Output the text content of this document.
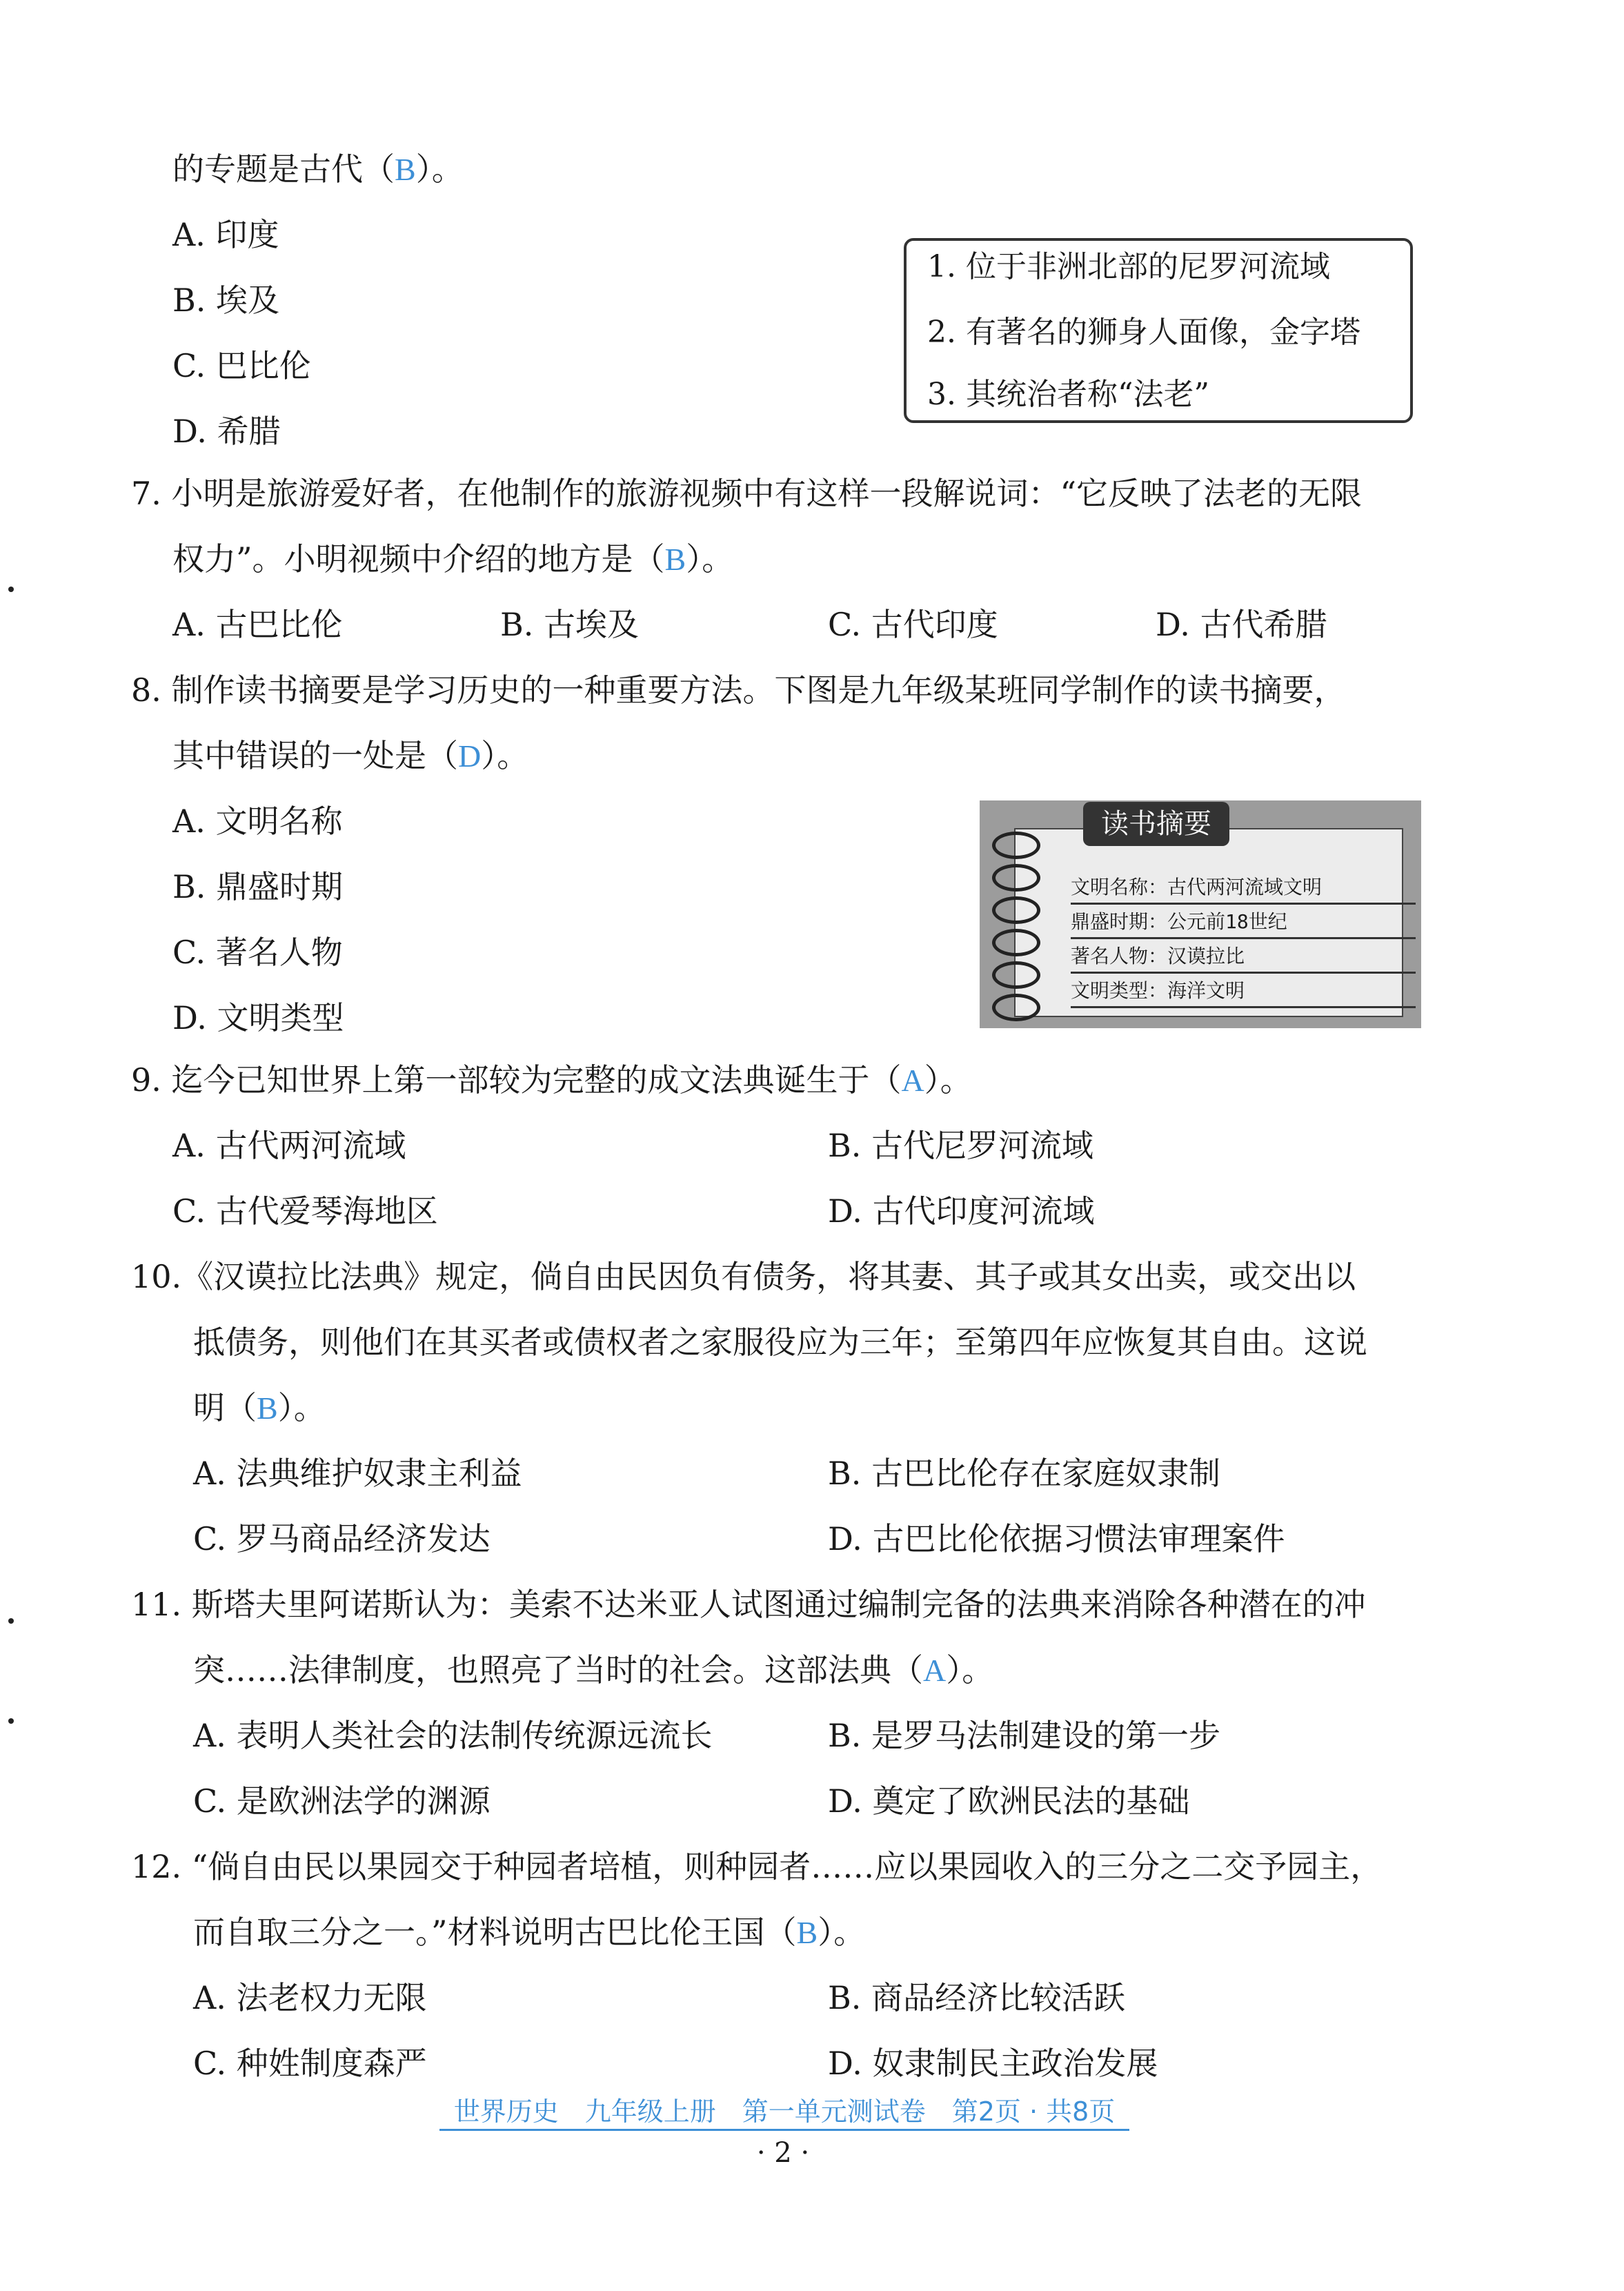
的专题是古代（B）。
A. 印度
B. 埃及
C. 巴比伦
D. 希腊
1. 位于非洲北部的尼罗河流域
2. 有著名的狮身人面像，金字塔
3. 其统治者称“法老”
7. 小明是旅游爱好者，在他制作的旅游视频中有这样一段解说词：“它反映了法老的无限
权力”。小明视频中介绍的地方是（B）。
A. 古巴比伦	B. 古埃及	C. 古代印度	D. 古代希腊
8. 制作读书摘要是学习历史的一种重要方法。下图是九年级某班同学制作的读书摘要，
其中错误的一处是（D）。
A. 文明名称
B. 鼎盛时期
C. 著名人物
D. 文明类型
文明名称：古代两河流域文明
鼎盛时期：公元前18世纪
著名人物：汉谟拉比
文明类型：海洋文明
读书摘要
9. 迄今已知世界上第一部较为完整的成文法典诞生于（A）。
A. 古代两河流域	B. 古代尼罗河流域
C. 古代爱琴海地区	D. 古代印度河流域
10.《汉谟拉比法典》规定，倘自由民因负有债务，将其妻、其子或其女出卖，或交出以
抵债务，则他们在其买者或债权者之家服役应为三年；至第四年应恢复其自由。这说
明（B）。
A. 法典维护奴隶主利益	B. 古巴比伦存在家庭奴隶制
C. 罗马商品经济发达	D. 古巴比伦依据习惯法审理案件
11. 斯塔夫里阿诺斯认为：美索不达米亚人试图通过编制完备的法典来消除各种潜在的冲
突……法律制度，也照亮了当时的社会。这部法典（A）。
A. 表明人类社会的法制传统源远流长	B. 是罗马法制建设的第一步
C. 是欧洲法学的渊源	D. 奠定了欧洲民法的基础
12. “倘自由民以果园交于种园者培植，则种园者……应以果园收入的三分之二交予园主，
而自取三分之一。”材料说明古巴比伦王国（B）。
A. 法老权力无限	B. 商品经济比较活跃
C. 种姓制度森严	D. 奴隶制民主政治发展
世界历史　九年级上册　第一单元测试卷　第2页 · 共8页
· 2 ·
